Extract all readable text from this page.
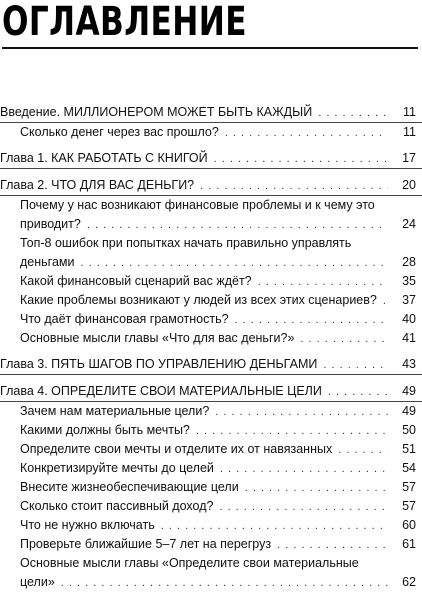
ОГЛАВЛЕНИЕ
Введение. МИЛЛИОНЕРОМ МОЖЕТ БЫТЬ КАЖДЫЙ . . .	11
Сколько денег через вас прошло? . . .	11
Глава 1. КАК РАБОТАТЬ С КНИГОЙ . . .	17
Глава 2. ЧТО ДЛЯ ВАС ДЕНЬГИ? . . .	20
Почему у нас возникают финансовые проблемы и к чему это
приводит? . . .	24
Топ-8 ошибок при попытках начать правильно управлять
деньгами . . .	28
Какой финансовый сценарий вас ждёт? . . .	35
Какие проблемы возникают у людей из всех этих сценариев? . . .	37
Что даёт финансовая грамотность? . . .	40
Основные мысли главы «Что для вас деньги?» . . .	41
Глава 3. ПЯТЬ ШАГОВ ПО УПРАВЛЕНИЮ ДЕНЬГАМИ . . .	43
Глава 4. ОПРЕДЕЛИТЕ СВОИ МАТЕРИАЛЬНЫЕ ЦЕЛИ . . .	49
Зачем нам материальные цели? . . .	49
Какими должны быть мечты? . . .	50
Определите свои мечты и отделите их от навязанных . . .	51
Конкретизируйте мечты до целей . . .	54
Внесите жизнеобеспечивающие цели . . .	57
Сколько стоит пассивный доход? . . .	57
Что не нужно включать . . .	60
Проверьте ближайшие 5–7 лет на перегруз . . .	61
Основные мысли главы «Определите свои материальные
цели» . . .	62
